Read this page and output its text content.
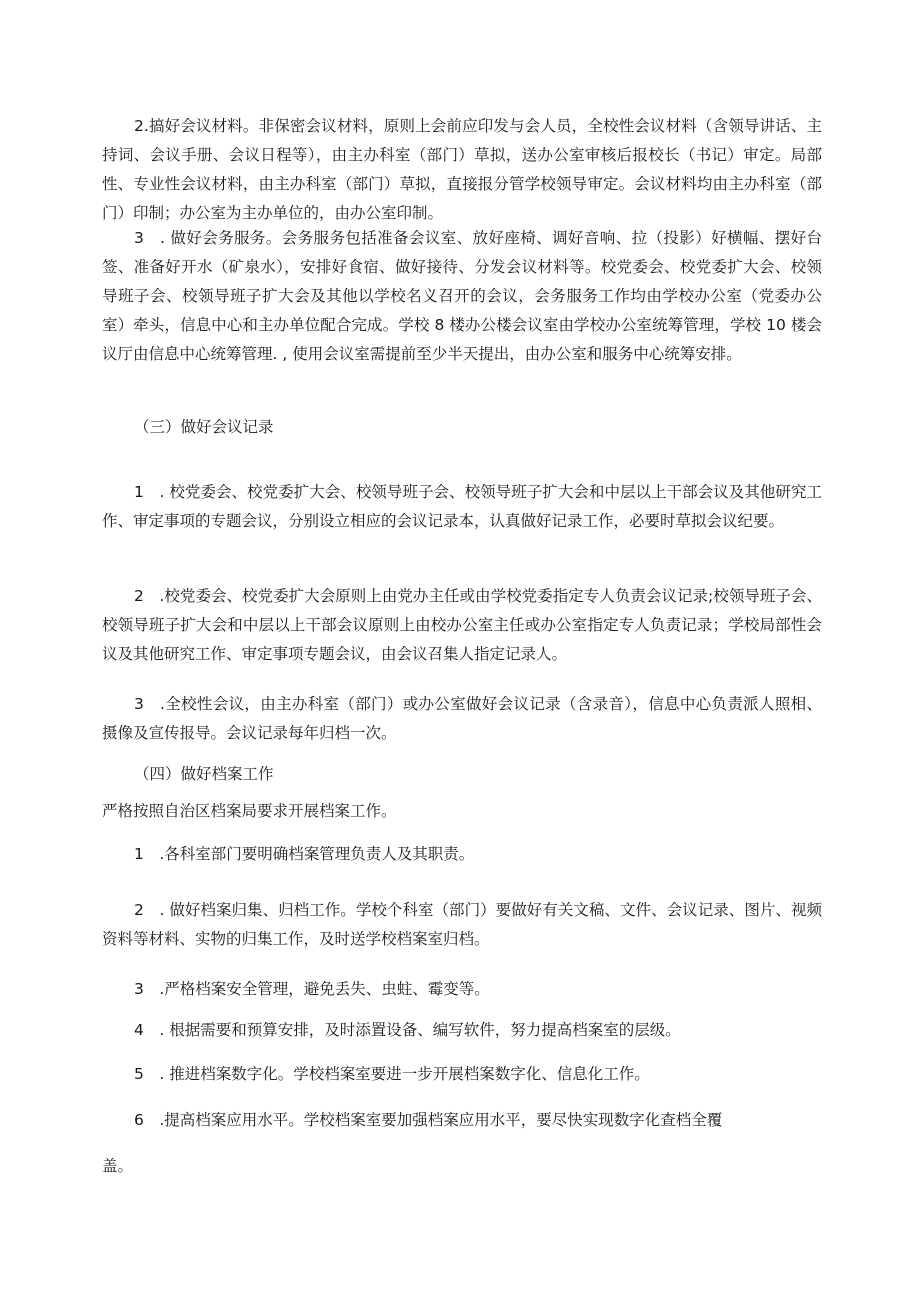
2.搞好会议材料。非保密会议材料，原则上会前应印发与会人员，全校性会议材料（含领导讲话、主持词、会议手册、会议日程等），由主办科室（部门）草拟，送办公室审核后报校长（书记）审定。局部性、专业性会议材料，由主办科室（部门）草拟，直接报分管学校领导审定。会议材料均由主办科室（部门）印制；办公室为主办单位的，由办公室印制。

3　. 做好会务服务。会务服务包括准备会议室、放好座椅、调好音响、拉（投影）好横幅、摆好台签、准备好开水（矿泉水），安排好食宿、做好接待、分发会议材料等。校党委会、校党委扩大会、校领导班子会、校领导班子扩大会及其他以学校名义召开的会议，会务服务工作均由学校办公室（党委办公室）牵头，信息中心和主办单位配合完成。学校 8 楼办公楼会议室由学校办公室统筹管理，学校 10 楼会议厅由信息中心统筹管理. , 使用会议室需提前至少半天提出，由办公室和服务中心统筹安排。

（三）做好会议记录

1　. 校党委会、校党委扩大会、校领导班子会、校领导班子扩大会和中层以上干部会议及其他研究工作、审定事项的专题会议，分别设立相应的会议记录本，认真做好记录工作，必要时草拟会议纪要。

2　.校党委会、校党委扩大会原则上由党办主任或由学校党委指定专人负责会议记录;校领导班子会、校领导班子扩大会和中层以上干部会议原则上由校办公室主任或办公室指定专人负责记录；学校局部性会议及其他研究工作、审定事项专题会议，由会议召集人指定记录人。

3　.全校性会议，由主办科室（部门）或办公室做好会议记录（含录音），信息中心负责派人照相、摄像及宣传报导。会议记录每年归档一次。

（四）做好档案工作

严格按照自治区档案局要求开展档案工作。

1　.各科室部门要明确档案管理负责人及其职责。

2　. 做好档案归集、归档工作。学校个科室（部门）要做好有关文稿、文件、会议记录、图片、视频资料等材料、实物的归集工作，及时送学校档案室归档。

3　.严格档案安全管理，避免丢失、虫蛀、霉变等。

4　. 根据需要和预算安排，及时添置设备、编写软件，努力提高档案室的层级。

5　. 推进档案数字化。学校档案室要进一步开展档案数字化、信息化工作。

6　.提高档案应用水平。学校档案室要加强档案应用水平，要尽快实现数字化查档全覆

盖。
